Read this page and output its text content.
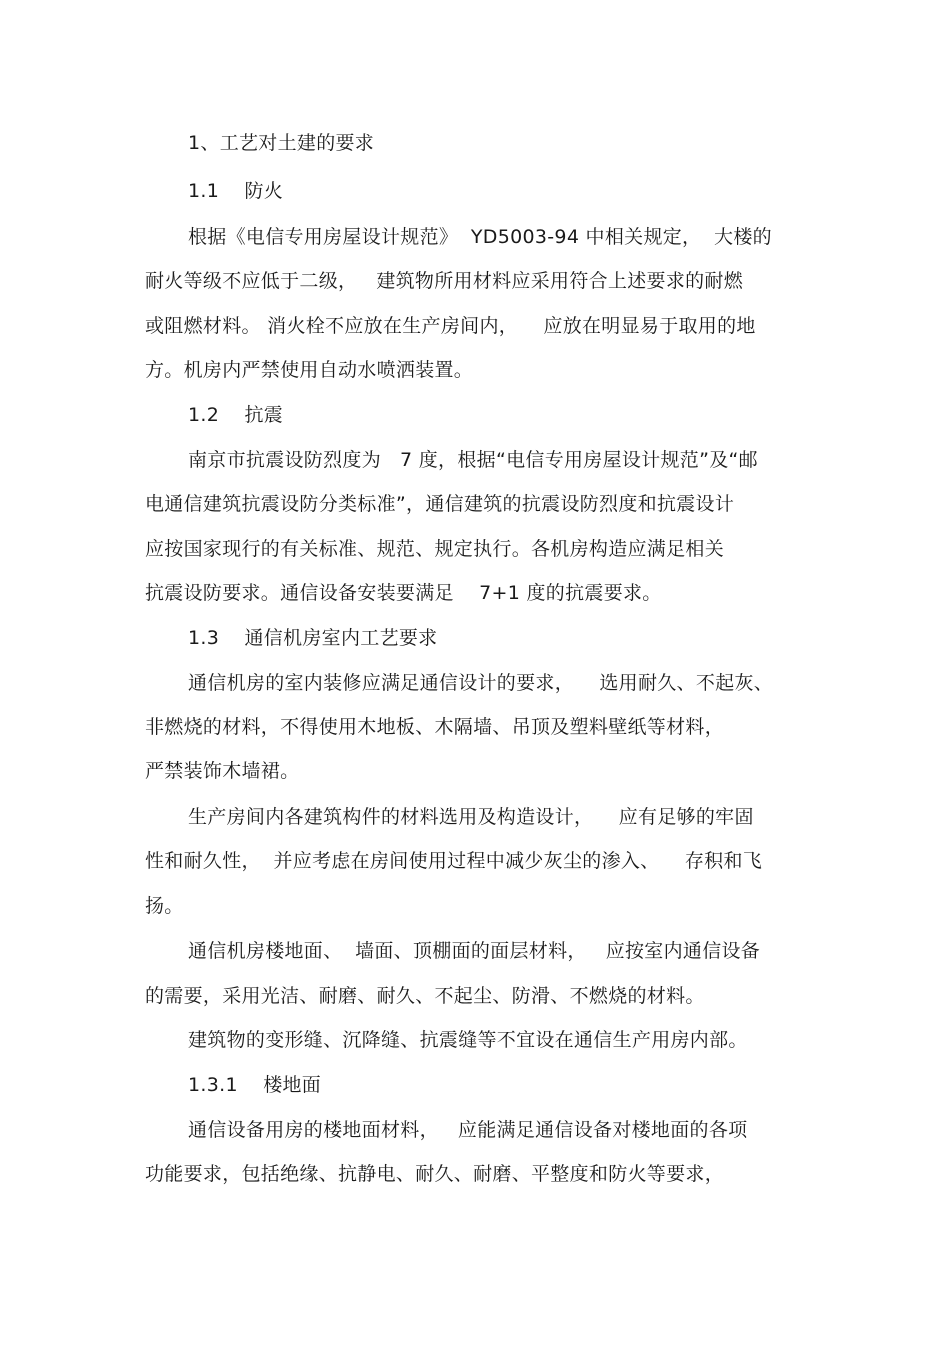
1、工艺对土建的要求
1.1    防火
根据《电信专用房屋设计规范》  YD5003-94 中相关规定，  大楼的
耐火等级不应低于二级，   建筑物所用材料应采用符合上述要求的耐燃
或阻燃材料。 消火栓不应放在生产房间内，    应放在明显易于取用的地
方。机房内严禁使用自动水喷洒装置。
1.2    抗震
南京市抗震设防烈度为   7 度，根据“电信专用房屋设计规范”及“邮
电通信建筑抗震设防分类标准”，通信建筑的抗震设防烈度和抗震设计
应按国家现行的有关标准、规范、规定执行。各机房构造应满足相关
抗震设防要求。通信设备安装要满足    7+1 度的抗震要求。
1.3    通信机房室内工艺要求
通信机房的室内装修应满足通信设计的要求，    选用耐久、不起灰、
非燃烧的材料，不得使用木地板、木隔墙、吊顶及塑料壁纸等材料，
严禁装饰木墙裙。
生产房间内各建筑构件的材料选用及构造设计，    应有足够的牢固
性和耐久性，  并应考虑在房间使用过程中减少灰尘的渗入、    存积和飞
扬。
通信机房楼地面、  墙面、顶棚面的面层材料，   应按室内通信设备
的需要，采用光洁、耐磨、耐久、不起尘、防滑、不燃烧的材料。
建筑物的变形缝、沉降缝、抗震缝等不宜设在通信生产用房内部。
1.3.1    楼地面
通信设备用房的楼地面材料，   应能满足通信设备对楼地面的各项
功能要求，包括绝缘、抗静电、耐久、耐磨、平整度和防火等要求，
